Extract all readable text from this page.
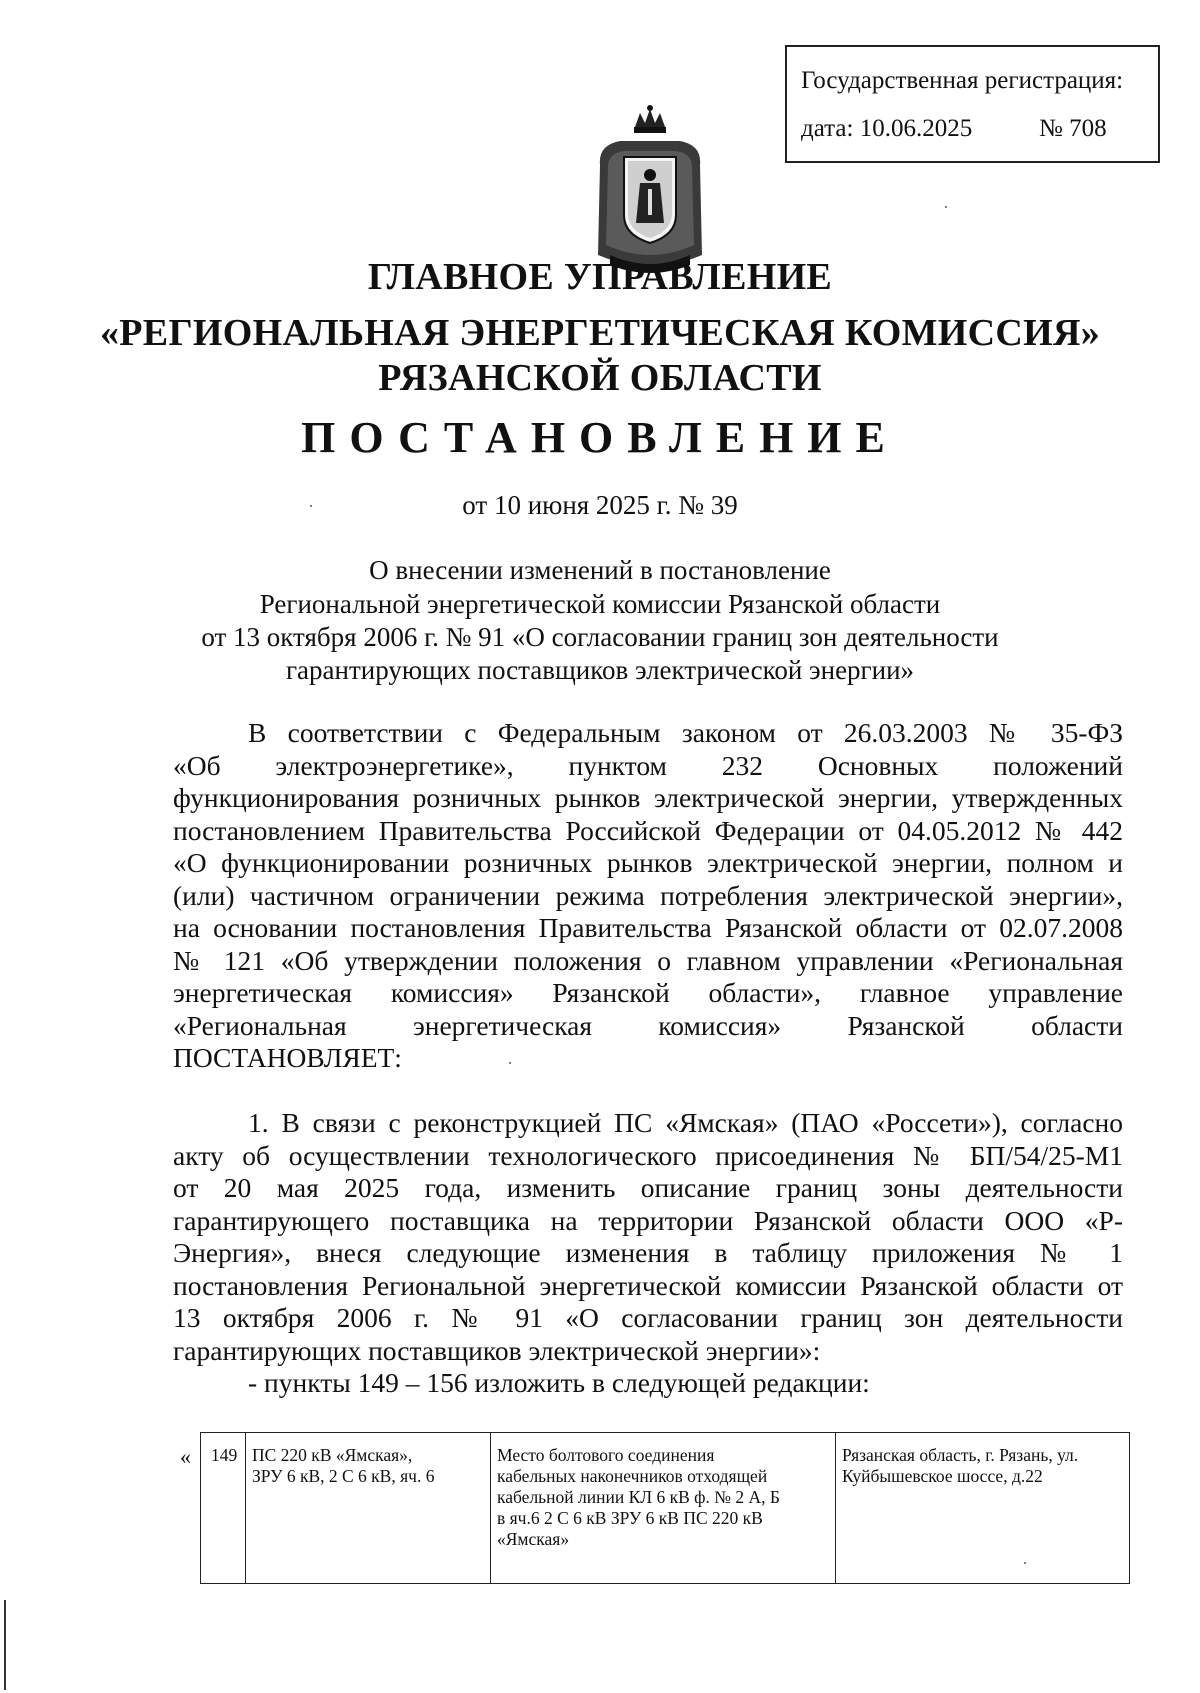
Государственная регистрация:
дата: 10.06.2025	№ 708
ГЛАВНОЕ УПРАВЛЕНИЕ
«РЕГИОНАЛЬНАЯ ЭНЕРГЕТИЧЕСКАЯ КОМИССИЯ»
РЯЗАНСКОЙ ОБЛАСТИ
ПОСТАНОВЛЕНИЕ
от 10 июня 2025 г. № 39
О внесении изменений в постановление
Региональной энергетической комиссии Рязанской области
от 13 октября 2006 г. № 91 «О согласовании границ зон деятельности
гарантирующих поставщиков электрической энергии»
В соответствии с Федеральным законом от 26.03.2003 № 35-ФЗ
«Об электроэнергетике», пунктом 232 Основных положений
функционирования розничных рынков электрической энергии, утвержденных
постановлением Правительства Российской Федерации от 04.05.2012 № 442
«О функционировании розничных рынков электрической энергии, полном и
(или) частичном ограничении режима потребления электрической энергии»,
на основании постановления Правительства Рязанской области от 02.07.2008
№ 121 «Об утверждении положения о главном управлении «Региональная
энергетическая комиссия» Рязанской области», главное управление
«Региональная энергетическая комиссия» Рязанской области
ПОСТАНОВЛЯЕТ:
1. В связи с реконструкцией ПС «Ямская» (ПАО «Россети»), согласно
акту об осуществлении технологического присоединения № БП/54/25-М1
от 20 мая 2025 года, изменить описание границ зоны деятельности
гарантирующего поставщика на территории Рязанской области ООО «Р-
Энергия», внеся следующие изменения в таблицу приложения № 1
постановления Региональной энергетической комиссии Рязанской области от
13 октября 2006 г. № 91 «О согласовании границ зон деятельности
гарантирующих поставщиков электрической энергии»:
- пункты 149 – 156 изложить в следующей редакции:
«	149 ПС 220 кВ «Ямская»,
ЗРУ 6 кВ, 2 С 6 кВ, яч. 6
Место болтового соединения
кабельных наконечников отходящей
кабельной линии КЛ 6 кВ ф. № 2 А, Б
в яч.6 2 С 6 кВ ЗРУ 6 кВ ПС 220 кВ
«Ямская»
Рязанская область, г. Рязань, ул.
Куйбышевское шоссе, д.22
